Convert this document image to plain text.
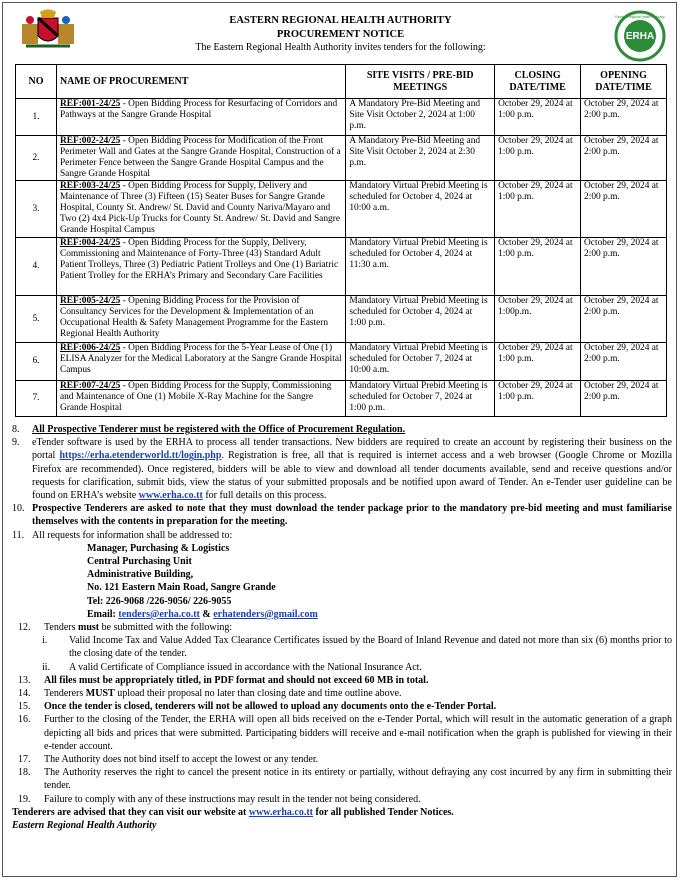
EASTERN REGIONAL HEALTH AUTHORITY
PROCUREMENT NOTICE
The Eastern Regional Health Authority invites tenders for the following:
ERHA
Eastern Regional Health Authority
NO	NAME OF PROCUREMENT	SITE VISITS / PRE-BID MEETINGS	CLOSING DATE/TIME	OPENING DATE/TIME
1.	REF:001-24/25 - Open Bidding Process for Resurfacing of Corridors and Pathways at the Sangre Grande Hospital	A Mandatory Pre-Bid Meeting and Site Visit October 2, 2024 at 1:00 p.m.	October 29, 2024 at 1:00 p.m.	October 29, 2024 at 2:00 p.m.
2.	REF:002-24/25 - Open Bidding Process for Modification of the Front Perimeter Wall and Gates at the Sangre Grande Hospital, Construction of a Perimeter Fence between the Sangre Grande Hospital Campus and the Sangre Grande Hospital	A Mandatory Pre-Bid Meeting and Site Visit October 2, 2024 at 2:30 p.m.	October 29, 2024 at 1:00 p.m.	October 29, 2024 at 2:00 p.m.
3.	REF:003-24/25 - Open Bidding Process for Supply, Delivery and Maintenance of Three (3) Fifteen (15) Seater Buses for Sangre Grande Hospital, County St. Andrew/ St. David and County Nariva/Mayaro and Two (2) 4x4 Pick-Up Trucks for County St. Andrew/ St. David and Sangre Grande Hospital Campus	Mandatory Virtual Prebid Meeting is scheduled for October 4, 2024 at 10:00 a.m.	October 29, 2024 at 1:00 p.m.	October 29, 2024 at 2:00 p.m.
4.	REF:004-24/25 - Open Bidding Process for the Supply, Delivery, Commissioning and Maintenance of Forty-Three (43) Standard Adult Patient Trolleys, Three (3) Pediatric Patient Trolleys and One (1) Bariatric Patient Trolley for the ERHA’s Primary and Secondary Care Facilities	Mandatory Virtual Prebid Meeting is scheduled for October 4, 2024 at 11:30 a.m.	October 29, 2024 at 1:00 p.m.	October 29, 2024 at 2:00 p.m.
5.	REF:005-24/25 - Opening Bidding Process for the Provision of Consultancy Services for the Development & Implementation of an Occupational Health & Safety Management Programme for the Eastern Regional Health Authority	Mandatory Virtual Prebid Meeting is scheduled for October 4, 2024 at 1:00 p.m.	October 29, 2024 at 1:00p.m.	October 29, 2024 at 2:00 p.m.
6.	REF:006-24/25 - Open Bidding Process for the 5-Year Lease of One (1) ELISA Analyzer for the Medical Laboratory at the Sangre Grande Hospital Campus	Mandatory Virtual Prebid Meeting is scheduled for October 7, 2024 at 10:00 a.m.	October 29, 2024 at 1:00 p.m.	October 29, 2024 at 2:00 p.m.
7.	REF:007-24/25 - Open Bidding Process for the Supply, Commissioning and Maintenance of One (1) Mobile X-Ray Machine for the Sangre Grande Hospital	Mandatory Virtual Prebid Meeting is scheduled for October 7, 2024 at 1:00 p.m.	October 29, 2024 at 1:00 p.m.	October 29, 2024 at 2:00 p.m.
8.	All Prospective Tenderer must be registered with the Office of Procurement Regulation.
9.	eTender software is used by the ERHA to process all tender transactions. New bidders are required to create an account by registering their business on the portal https://erha.etenderworld.tt/login.php. Registration is free, all that is required is internet access and a web browser (Google Chrome or Mozilla Firefox are recommended). Once registered, bidders will be able to view and download all tender documents available, send and receive questions and/or requests for clarification, submit bids, view the status of your submitted proposals and be notified upon award of Tender. An e-Tender user guideline can be found on ERHA’s website www.erha.co.tt for full details on this process.
10. Prospective Tenderers are asked to note that they must download the tender package prior to the mandatory pre-bid meeting and must familiarise themselves with the contents in preparation for the meeting.
11. All requests for information shall be addressed to:
Manager, Purchasing & Logistics
Central Purchasing Unit
Administrative Building,
No. 121 Eastern Main Road, Sangre Grande
Tel: 226-9068 /226-9056/ 226-9055
Email: tenders@erha.co.tt & erhatenders@gmail.com
12.	Tenders must be submitted with the following:
i.	Valid Income Tax and Value Added Tax Clearance Certificates issued by the Board of Inland Revenue and dated not more than six (6) months prior to the closing date of the tender.
ii.	A valid Certificate of Compliance issued in accordance with the National Insurance Act.
13.	All files must be appropriately titled, in PDF format and should not exceed 60 MB in total.
14.	Tenderers MUST upload their proposal no later than closing date and time outline above.
15.	Once the tender is closed, tenderers will not be allowed to upload any documents onto the e-Tender Portal.
16.	Further to the closing of the Tender, the ERHA will open all bids received on the e-Tender Portal, which will result in the automatic generation of a graph depicting all bids and prices that were submitted. Participating bidders will receive and e-mail notification when the graph is published for viewing in their e-tender account.
17.	The Authority does not bind itself to accept the lowest or any tender.
18.	The Authority reserves the right to cancel the present notice in its entirety or partially, without defraying any cost incurred by any firm in submitting their tender.
19.	Failure to comply with any of these instructions may result in the tender not being considered.
Tenderers are advised that they can visit our website at www.erha.co.tt for all published Tender Notices.
Eastern Regional Health Authority
